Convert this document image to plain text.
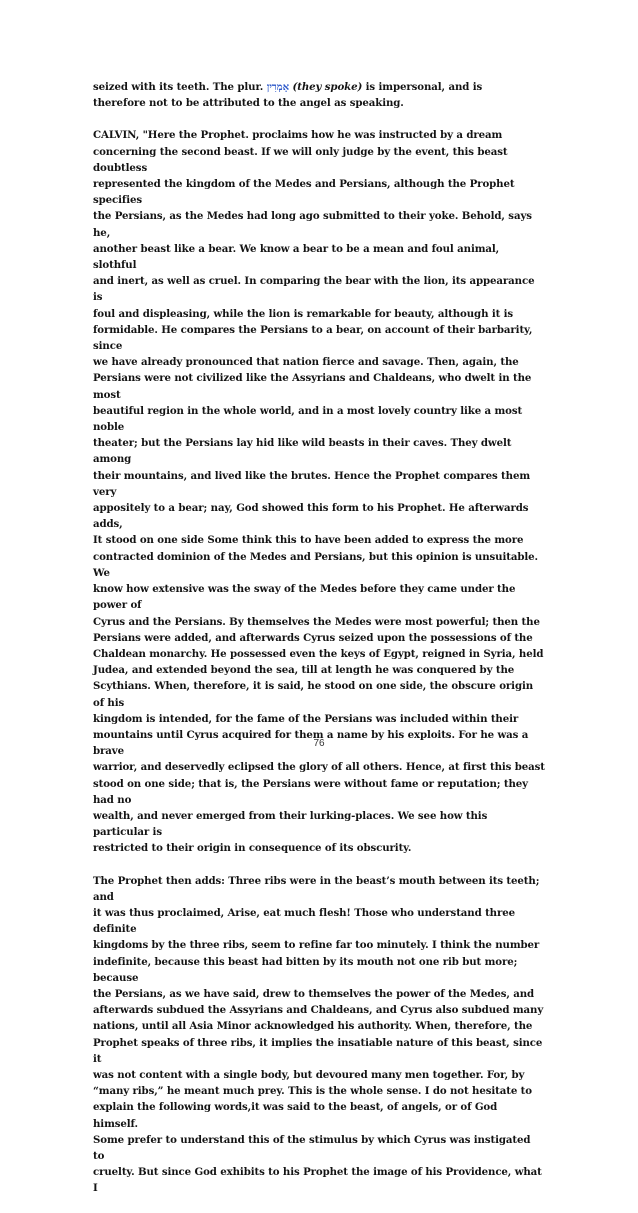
seized with its teeth. The plur. אָמְרִין (they spoke) is impersonal, and is
therefore not to be attributed to the angel as speaking.

CALVIN, "Here the Prophet. proclaims how he was instructed by a dream
concerning the second beast. If we will only judge by the event, this beast doubtless
represented the kingdom of the Medes and Persians, although the Prophet specifies
the Persians, as the Medes had long ago submitted to their yoke. Behold, says he,
another beast like a bear. We know a bear to be a mean and foul animal, slothful
and inert, as well as cruel. In comparing the bear with the lion, its appearance is
foul and displeasing, while the lion is remarkable for beauty, although it is
formidable. He compares the Persians to a bear, on account of their barbarity, since
we have already pronounced that nation fierce and savage. Then, again, the
Persians were not civilized like the Assyrians and Chaldeans, who dwelt in the most
beautiful region in the whole world, and in a most lovely country like a most noble
theater; but the Persians lay hid like wild beasts in their caves. They dwelt among
their mountains, and lived like the brutes. Hence the Prophet compares them very
appositely to a bear; nay, God showed this form to his Prophet. He afterwards adds,
It stood on one side Some think this to have been added to express the more
contracted dominion of the Medes and Persians, but this opinion is unsuitable. We
know how extensive was the sway of the Medes before they came under the power of
Cyrus and the Persians. By themselves the Medes were most powerful; then the
Persians were added, and afterwards Cyrus seized upon the possessions of the
Chaldean monarchy. He possessed even the keys of Egypt, reigned in Syria, held
Judea, and extended beyond the sea, till at length he was conquered by the
Scythians. When, therefore, it is said, he stood on one side, the obscure origin of his
kingdom is intended, for the fame of the Persians was included within their
mountains until Cyrus acquired for them a name by his exploits. For he was a brave
warrior, and deservedly eclipsed the glory of all others. Hence, at first this beast
stood on one side; that is, the Persians were without fame or reputation; they had no
wealth, and never emerged from their lurking-places. We see how this particular is
restricted to their origin in consequence of its obscurity.

The Prophet then adds: Three ribs were in the beast’s mouth between its teeth; and
it was thus proclaimed, Arise, eat much flesh! Those who understand three definite
kingdoms by the three ribs, seem to refine far too minutely. I think the number
indefinite, because this beast had bitten by its mouth not one rib but more; because
the Persians, as we have said, drew to themselves the power of the Medes, and
afterwards subdued the Assyrians and Chaldeans, and Cyrus also subdued many
nations, until all Asia Minor acknowledged his authority. When, therefore, the
Prophet speaks of three ribs, it implies the insatiable nature of this beast, since it
was not content with a single body, but devoured many men together. For, by
“many ribs,” he meant much prey. This is the whole sense. I do not hesitate to
explain the following words,it was said to the beast, of angels, or of God himself.
Some prefer to understand this of the stimulus by which Cyrus was instigated to
cruelty. But since God exhibits to his Prophet the image of his Providence, what I

76
